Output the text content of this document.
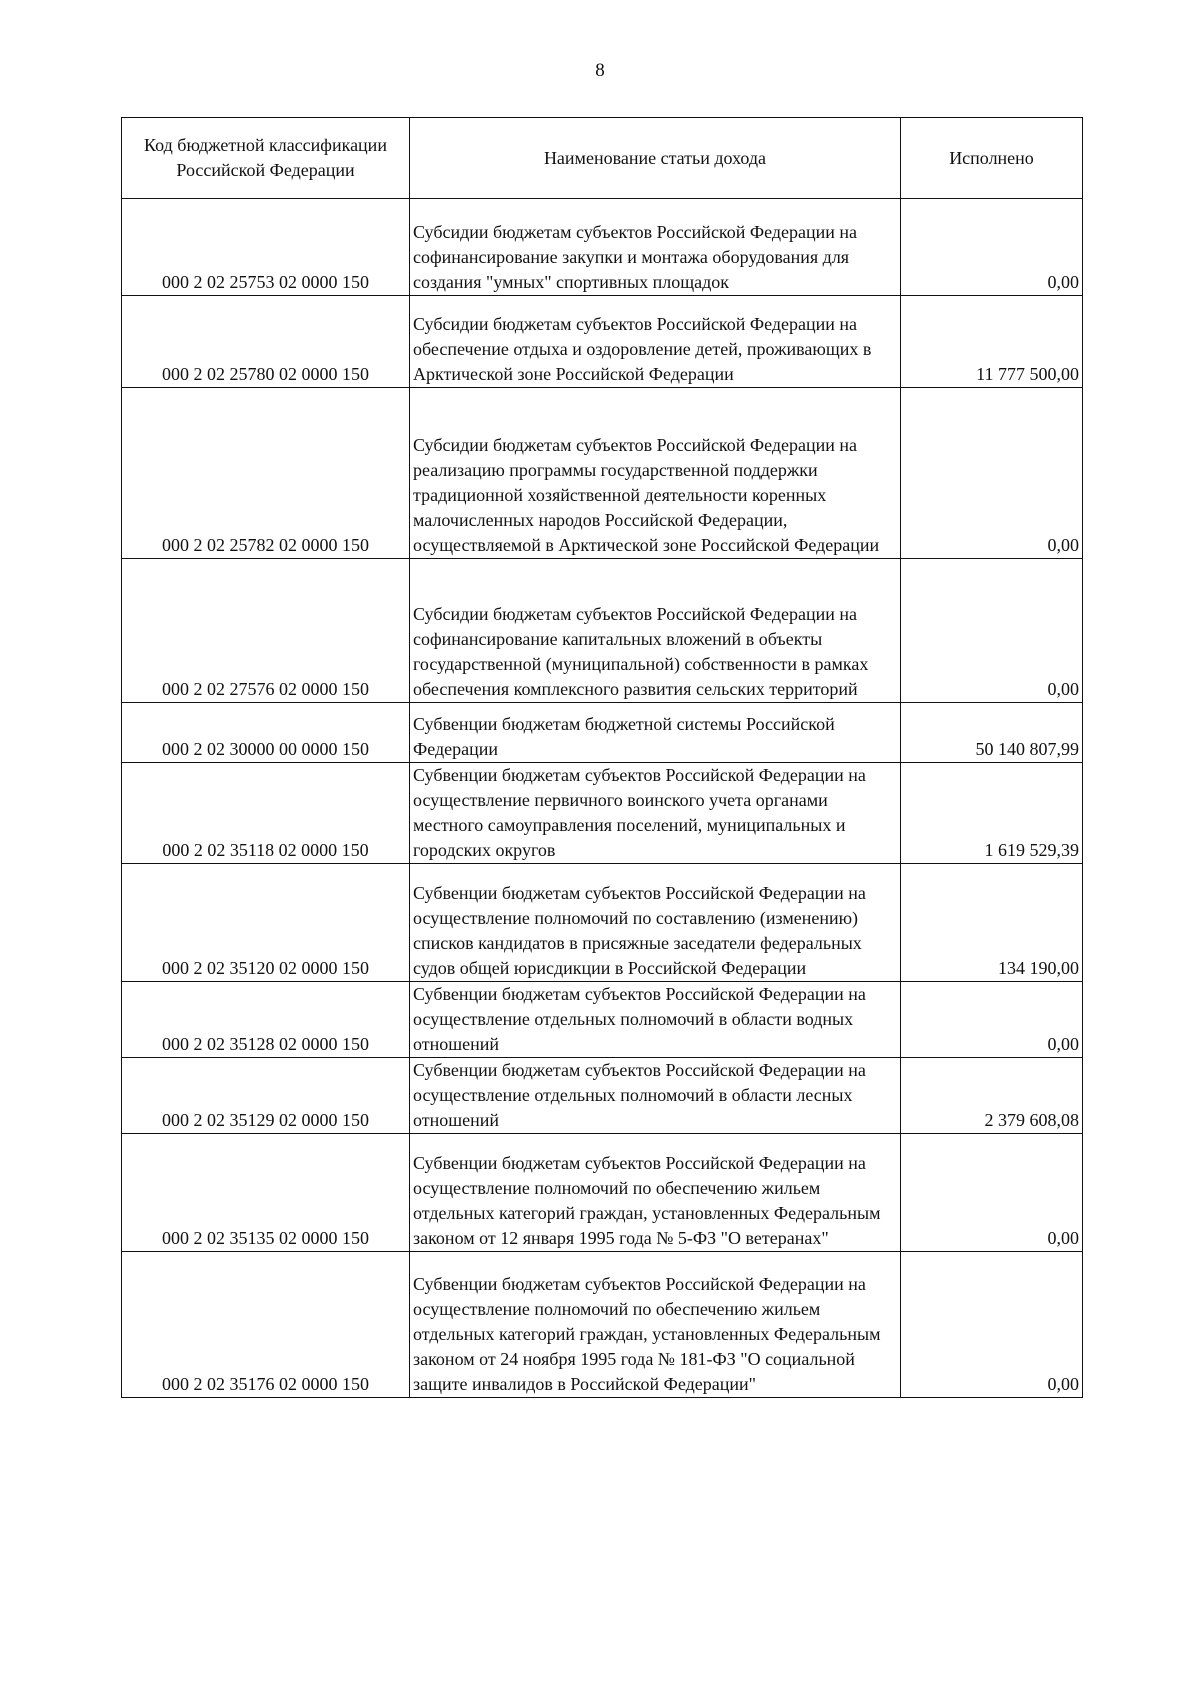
8
Код бюджетной классификации Российской Федерации	Наименование статьи дохода	Исполнено
000 2 02 25753 02 0000 150	Субсидии бюджетам субъектов Российской Федерации на софинансирование закупки и монтажа оборудования для создания "умных" спортивных площадок	0,00
000 2 02 25780 02 0000 150	Субсидии бюджетам субъектов Российской Федерации на обеспечение отдыха и оздоровление детей, проживающих в Арктической зоне Российской Федерации	11 777 500,00
000 2 02 25782 02 0000 150	Субсидии бюджетам субъектов Российской Федерации на реализацию программы государственной поддержки традиционной хозяйственной деятельности коренных малочисленных народов Российской Федерации, осуществляемой в Арктической зоне Российской Федерации	0,00
000 2 02 27576 02 0000 150	Субсидии бюджетам субъектов Российской Федерации на софинансирование капитальных вложений в объекты государственной (муниципальной) собственности в рамках обеспечения комплексного развития сельских территорий	0,00
000 2 02 30000 00 0000 150	Субвенции бюджетам бюджетной системы Российской Федерации	50 140 807,99
000 2 02 35118 02 0000 150	Субвенции бюджетам субъектов Российской Федерации на осуществление первичного воинского учета органами местного самоуправления поселений, муниципальных и городских округов	1 619 529,39
000 2 02 35120 02 0000 150	Субвенции бюджетам субъектов Российской Федерации на осуществление полномочий по составлению (изменению) списков кандидатов в присяжные заседатели федеральных судов общей юрисдикции в Российской Федерации	134 190,00
000 2 02 35128 02 0000 150	Субвенции бюджетам субъектов Российской Федерации на осуществление отдельных полномочий в области водных отношений	0,00
000 2 02 35129 02 0000 150	Субвенции бюджетам субъектов Российской Федерации на осуществление отдельных полномочий в области лесных отношений	2 379 608,08
000 2 02 35135 02 0000 150	Субвенции бюджетам субъектов Российской Федерации на осуществление полномочий по обеспечению жильем отдельных категорий граждан, установленных Федеральным законом от 12 января 1995 года № 5-ФЗ "О ветеранах"	0,00
000 2 02 35176 02 0000 150	Субвенции бюджетам субъектов Российской Федерации на осуществление полномочий по обеспечению жильем отдельных категорий граждан, установленных Федеральным законом от 24 ноября 1995 года № 181-ФЗ "О социальной защите инвалидов в Российской Федерации"	0,00
